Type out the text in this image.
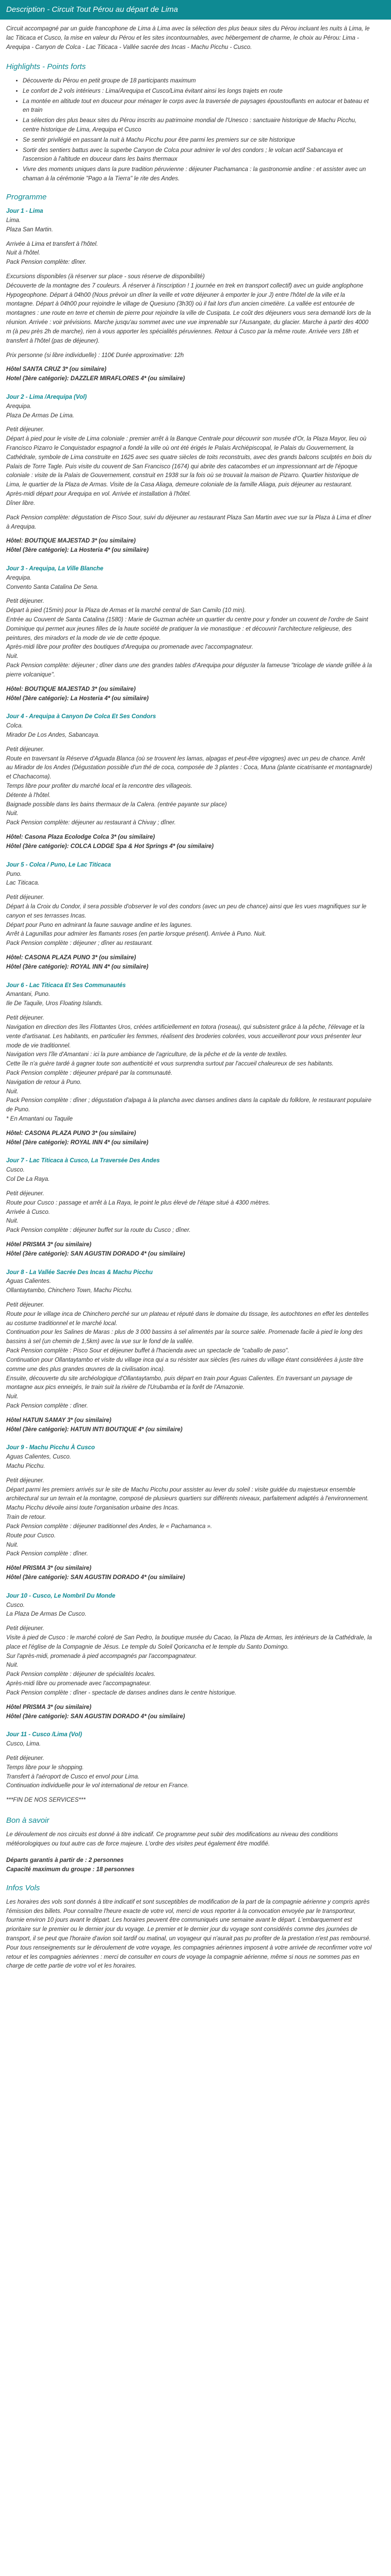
Description - Circuit Tout Pérou au départ de Lima

Circuit accompagné par un guide francophone de Lima à Lima avec la sélection des plus beaux sites du Pérou incluant les nuits à Lima, le lac Titicaca et Cusco, la mise en valeur du Pérou et les sites incontournables, avec hébergement de charme, le choix au Pérou: Lima - Arequipa - Canyon de Colca - Lac Titicaca - Vallée sacrée des Incas - Machu Picchu - Cusco.

Highlights - Points forts
• Découverte du Pérou en petit groupe de 18 participants maximum
• Le confort de 2 vols intérieurs : Lima/Arequipa et Cusco/Lima évitant ainsi les longs trajets en route
• La montée en altitude tout en douceur pour ménager le corps avec la traversée de paysages époustouflants en autocar et bateau et en train
• La sélection des plus beaux sites du Pérou inscrits au patrimoine mondial de l'Unesco : sanctuaire historique de Machu Picchu, centre historique de Lima, Arequipa et Cusco
• Se sentir privilégié en passant la nuit à Machu Picchu pour être parmi les premiers sur ce site historique
• Sortir des sentiers battus avec la superbe Canyon de Colca pour admirer le vol des condors ; le volcan actif Sabancaya et l'ascension à l'altitude en douceur dans les bains thermaux
• Vivre des moments uniques dans la pure tradition péruvienne : déjeuner Pachamanca : la gastronomie andine : et assister avec un chaman à la cérémonie "Pago a la Tierra" le rite des Andes.
Programme
Jour 1 - Lima
Lima.
Plaza San Martin.
Arrivée à Lima et transfert à l'hôtel.
Nuit à l'hôtel.
Pack Pension complète: dîner.
Excursions disponibles (à réserver sur place - sous réserve de disponibilité)
Découverte de la montagne des 7 couleurs. À réserver à l'inscription ! 1 journée en trek en transport collectif) avec un guide anglophone Hypogeophone. Départ à 04h00 (Nous prévoir un dîner la veille et votre déjeuner à emporter le jour J) entre l'hôtel de la ville et la montagne. Départ à 04h00 pour rejoindre le village de Quesiuno (3h30) où il fait lors d'un ancien cimetière. La vallée est entourée de montagnes : une route en terre et chemin de pierre pour rejoindre la ville de Cusipata. Le coût des déjeuners vous sera demandé lors de la réunion. Arrivée : voir prévisions. Marche jusqu'au sommet avec une vue imprenable sur l'Ausangate, du glacier. Marche à partir des 4000 m (à peu près 2h de marche), rien à vous apporter les spécialités péruviennes. Retour à Cusco par la même route. Arrivée vers 18h et transfert à l'hôtel (pas de déjeuner).
Prix personne (si libre individuelle) : 110€ Durée approximative: 12h
Hôtel SANTA CRUZ 3* (ou similaire)
Hotel (3ère catégorie): DAZZLER MIRAFLORES 4* (ou similaire)
Jour 2 - Lima /Arequipa (Vol)
Arequipa.
Plaza De Armas De Lima.
Petit déjeuner.
Départ à pied pour le visite de Lima coloniale : premier arrêt à la Banque Centrale pour découvrir son musée d'Or, la Plaza Mayor, lieu où Francisco Pizarro le Conquistador espagnol a fondé la ville où ont été érigés le Palais Archiépiscopal, le Palais du Gouvernement, la Cathédrale, symbole de Lima construite en 1625 avec ses quatre siècles de toits reconstruits, avec des grands balcons sculptés en bois du Palais de Torre Tagle. Puis visite du couvent de San Francisco (1674) qui abrite des catacombes et un impressionnant art de l'époque coloniale : visite de la Palais de Gouvernement, construit en 1938 sur la fois où se trouvait la maison de Pizarro. Quartier historique de Lima, le quartier de la Plaza de Armas. Visite de la Casa Aliaga, demeure coloniale de la famille Aliaga, puis déjeuner au restaurant.
Après-midi départ pour Arequipa en vol. Arrivée et installation à l'hôtel.
Dîner libre.
Pack Pension complète: dégustation de Pisco Sour, suivi du déjeuner au restaurant Plaza San Martin avec vue sur la Plaza à Lima et dîner à Arequipa.
Hôtel: BOUTIQUE MAJESTAD 3* (ou similaire)
Hôtel (3ère catégorie): La Hosteria 4* (ou similaire)
Jour 3 - Arequipa, La Ville Blanche
Arequipa.
Convento Santa Catalina De Sena.
Petit déjeuner.
Départ à pied (15min) pour la Plaza de Armas et la marché central de San Camilo (10 min).
Entrée au Couvent de Santa Catalina (1580) : Marie de Guzman achète un quartier du centre pour y fonder un couvent de l'ordre de Saint Dominique qui permet aux jeunes filles de la haute société de pratiquer la vie monastique : et découvrir l'architecture religieuse, des peintures, des miradors et la mode de vie de cette époque.
Après-midi libre pour profiter des boutiques d'Arequipa ou promenade avec l'accompagnateur.
Nuit.
Pack Pension complète: déjeuner ; dîner dans une des grandes tables d'Arequipa pour déguster la fameuse "tricolage de viande grillée à la pierre volcanique".
Hôtel: BOUTIQUE MAJESTAD 3* (ou similaire)
Hôtel (3ère catégorie): La Hosteria 4* (ou similaire)
Jour 4 - Arequipa à Canyon De Colca Et Ses Condors
Colca.
Mirador De Los Andes, Sabancaya.
Petit déjeuner.
Route en traversant la Réserve d'Aguada Blanca (où se trouvent les lamas, alpagas et peut-être vigognes) avec un peu de chance. Arrêt au Mirador de los Andes (Dégustation possible d'un thé de coca, composée de 3 plantes : Coca, Muna (plante cicatrisante et montagnarde) et Chachacoma).
Temps libre pour profiter du marché local et la rencontre des villageois.
Détente à l'hôtel.
Baignade possible dans les bains thermaux de la Calera. (entrée payante sur place)
Nuit.
Pack Pension complète: déjeuner au restaurant à Chivay ; dîner.
Hôtel: Casona Plaza Ecolodge Colca 3* (ou similaire)
Hôtel (3ère catégorie): COLCA LODGE Spa & Hot Springs 4* (ou similaire)
Jour 5 - Colca / Puno, Le Lac Titicaca
Puno.
Lac Titicaca.
Petit déjeuner.
Départ à la Croix du Condor, il sera possible d'observer le vol des condors (avec un peu de chance) ainsi que les vues magnifiques sur le canyon et ses terrasses Incas.
Départ pour Puno en admirant la faune sauvage andine et les lagunes.
Arrêt à Lagunillas pour admirer les flamants roses (en partie lorsque présent). Arrivée à Puno. Nuit.
Pack Pension complète : déjeuner ; dîner au restaurant.
Hôtel: CASONA PLAZA PUNO 3* (ou similaire)
Hôtel (3ère catégorie): ROYAL INN 4* (ou similaire)
Jour 6 - Lac Titicaca Et Ses Communautés
Amantani, Puno.
Ile De Taquile, Uros Floating Islands.
Petit déjeuner.
Navigation en direction des îles Flottantes Uros, créées artificiellement en totora (roseau), qui subsistent grâce à la pêche, l'élevage et la vente d'artisanat. Les habitants, en particulier les femmes, réalisent des broderies colorées, vous accueilleront pour vous présenter leur mode de vie traditionnel.
Navigation vers l'île d'Amantani : ici la pure ambiance de l'agriculture, de la pêche et de la vente de textiles.
Cette île n'a guère tardé à gagner toute son authenticité et vous surprendra surtout par l'accueil chaleureux de ses habitants.
Pack Pension complète : déjeuner préparé par la communauté.
Navigation de retour à Puno.
Nuit.
Pack Pension complète : dîner ; dégustation d'alpaga à la plancha avec danses andines dans la capitale du folklore, le restaurant populaire de Puno.
* En Amantani ou Taquile
Hôtel: CASONA PLAZA PUNO 3* (ou similaire)
Hôtel (3ère catégorie): ROYAL INN 4* (ou similaire)
Jour 7 - Lac Titicaca à Cusco, La Traversée Des Andes
Cusco.
Col De La Raya.
Petit déjeuner.
Route pour Cusco : passage et arrêt à La Raya, le point le plus élevé de l'étape situé à 4300 mètres.
Arrivée à Cusco.
Nuit.
Pack Pension complète : déjeuner buffet sur la route du Cusco ; dîner.
Hôtel PRISMA 3* (ou similaire)
Hôtel (3ère catégorie): SAN AGUSTIN DORADO 4* (ou similaire)
Jour 8 - La Vallée Sacrée Des Incas & Machu Picchu
Aguas Calientes.
Ollantaytambo, Chinchero Town, Machu Picchu.
Petit déjeuner.
Route pour le village inca de Chinchero perché sur un plateau et réputé dans le domaine du tissage, les autochtones en effet les dentelles au costume traditionnel et le marché local.
Continuation pour les Salines de Maras : plus de 3 000 bassins à sel alimentés par la source salée. Promenade facile à pied le long des bassins à sel (un chemin de 1,5km) avec la vue sur le fond de la vallée.
Pack Pension complète : Pisco Sour et déjeuner buffet à l'hacienda avec un spectacle de "caballo de paso".
Continuation pour Ollantaytambo et visite du village inca qui a su résister aux siècles (les ruines du village étant considérées à juste titre comme une des plus grandes œuvres de la civilisation inca).
Ensuite, découverte du site archéologique d'Ollantaytambo, puis départ en train pour Aguas Calientes. En traversant un paysage de montagne aux pics enneigés, le train suit la rivière de l'Urubamba et la forêt de l'Amazonie.
Nuit.
Pack Pension complète : dîner.
Hôtel HATUN SAMAY 3* (ou similaire)
Hôtel (3ère catégorie): HATUN INTI BOUTIQUE 4* (ou similaire)
Jour 9 - Machu Picchu À Cusco
Aguas Calientes, Cusco.
Machu Picchu.
Petit déjeuner.
Départ parmi les premiers arrivés sur le site de Machu Picchu pour assister au lever du soleil : visite guidée du majestueux ensemble architectural sur un terrain et la montagne, composé de plusieurs quartiers sur différents niveaux, parfaitement adaptés à l'environnement.
Machu Picchu dévoile ainsi toute l'organisation urbaine des Incas.
Train de retour.
Pack Pension complète : déjeuner traditionnel des Andes, le « Pachamanca ».
Route pour Cusco.
Nuit.
Pack Pension complète : dîner.
Hôtel PRISMA 3* (ou similaire)
Hôtel (3ère catégorie): SAN AGUSTIN DORADO 4* (ou similaire)
Jour 10 - Cusco, Le Nombril Du Monde
Cusco.
La Plaza De Armas De Cusco.
Petit déjeuner.
Visite à pied de Cusco : le marché coloré de San Pedro, la boutique musée du Cacao, la Plaza de Armas, les intérieurs de la Cathédrale, la place et l'église de la Compagnie de Jésus. Le temple du Soleil Qoricancha et le temple du Santo Domingo.
Sur l'après-midi, promenade à pied accompagnés par l'accompagnateur.
Nuit.
Pack Pension complète : déjeuner de spécialités locales.
Après-midi libre ou promenade avec l'accompagnateur.
Pack Pension complète : dîner - spectacle de danses andines dans le centre historique.
Hôtel PRISMA 3* (ou similaire)
Hôtel (3ère catégorie): SAN AGUSTIN DORADO 4* (ou similaire)
Jour 11 - Cusco /Lima (Vol)
Cusco, Lima.
Petit déjeuner.
Temps libre pour le shopping.
Transfert à l'aéroport de Cusco et envol pour Lima.
Continuation individuelle pour le vol international de retour en France.
***FIN DE NOS SERVICES***
Bon à savoir

Le déroulement de nos circuits est donné à titre indicatif. Ce programme peut subir des modifications au niveau des conditions météorologiques ou tout autre cas de force majeure. L'ordre des visites peut également être modifié.

Départs garantis à partir de : 2 personnes
Capacité maximum du groupe : 18 personnes
Infos Vols

Les horaires des vols sont donnés à titre indicatif et sont susceptibles de modification de la part de la compagnie aérienne y compris après l'émission des billets. Pour connaître l'heure exacte de votre vol, merci de vous reporter à la convocation envoyée par le transporteur, fournie environ 10 jours avant le départ. Les horaires peuvent être communiqués une semaine avant le départ. L'embarquement est prioritaire sur le premier ou le dernier jour du voyage. Le premier et le dernier jour du voyage sont considérés comme des journées de transport, il se peut que l'horaire d'avion soit tardif ou matinal, un voyageur qui n'aurait pas pu profiter de la prestation n'est pas remboursé. Pour tous renseignements sur le déroulement de votre voyage, les compagnies aériennes imposent à votre arrivée de reconfirmer votre vol retour et les compagnies aériennes : merci de consulter en cours de voyage la compagnie aérienne, même si nous ne sommes pas en charge de cette partie de votre vol et les horaires.
